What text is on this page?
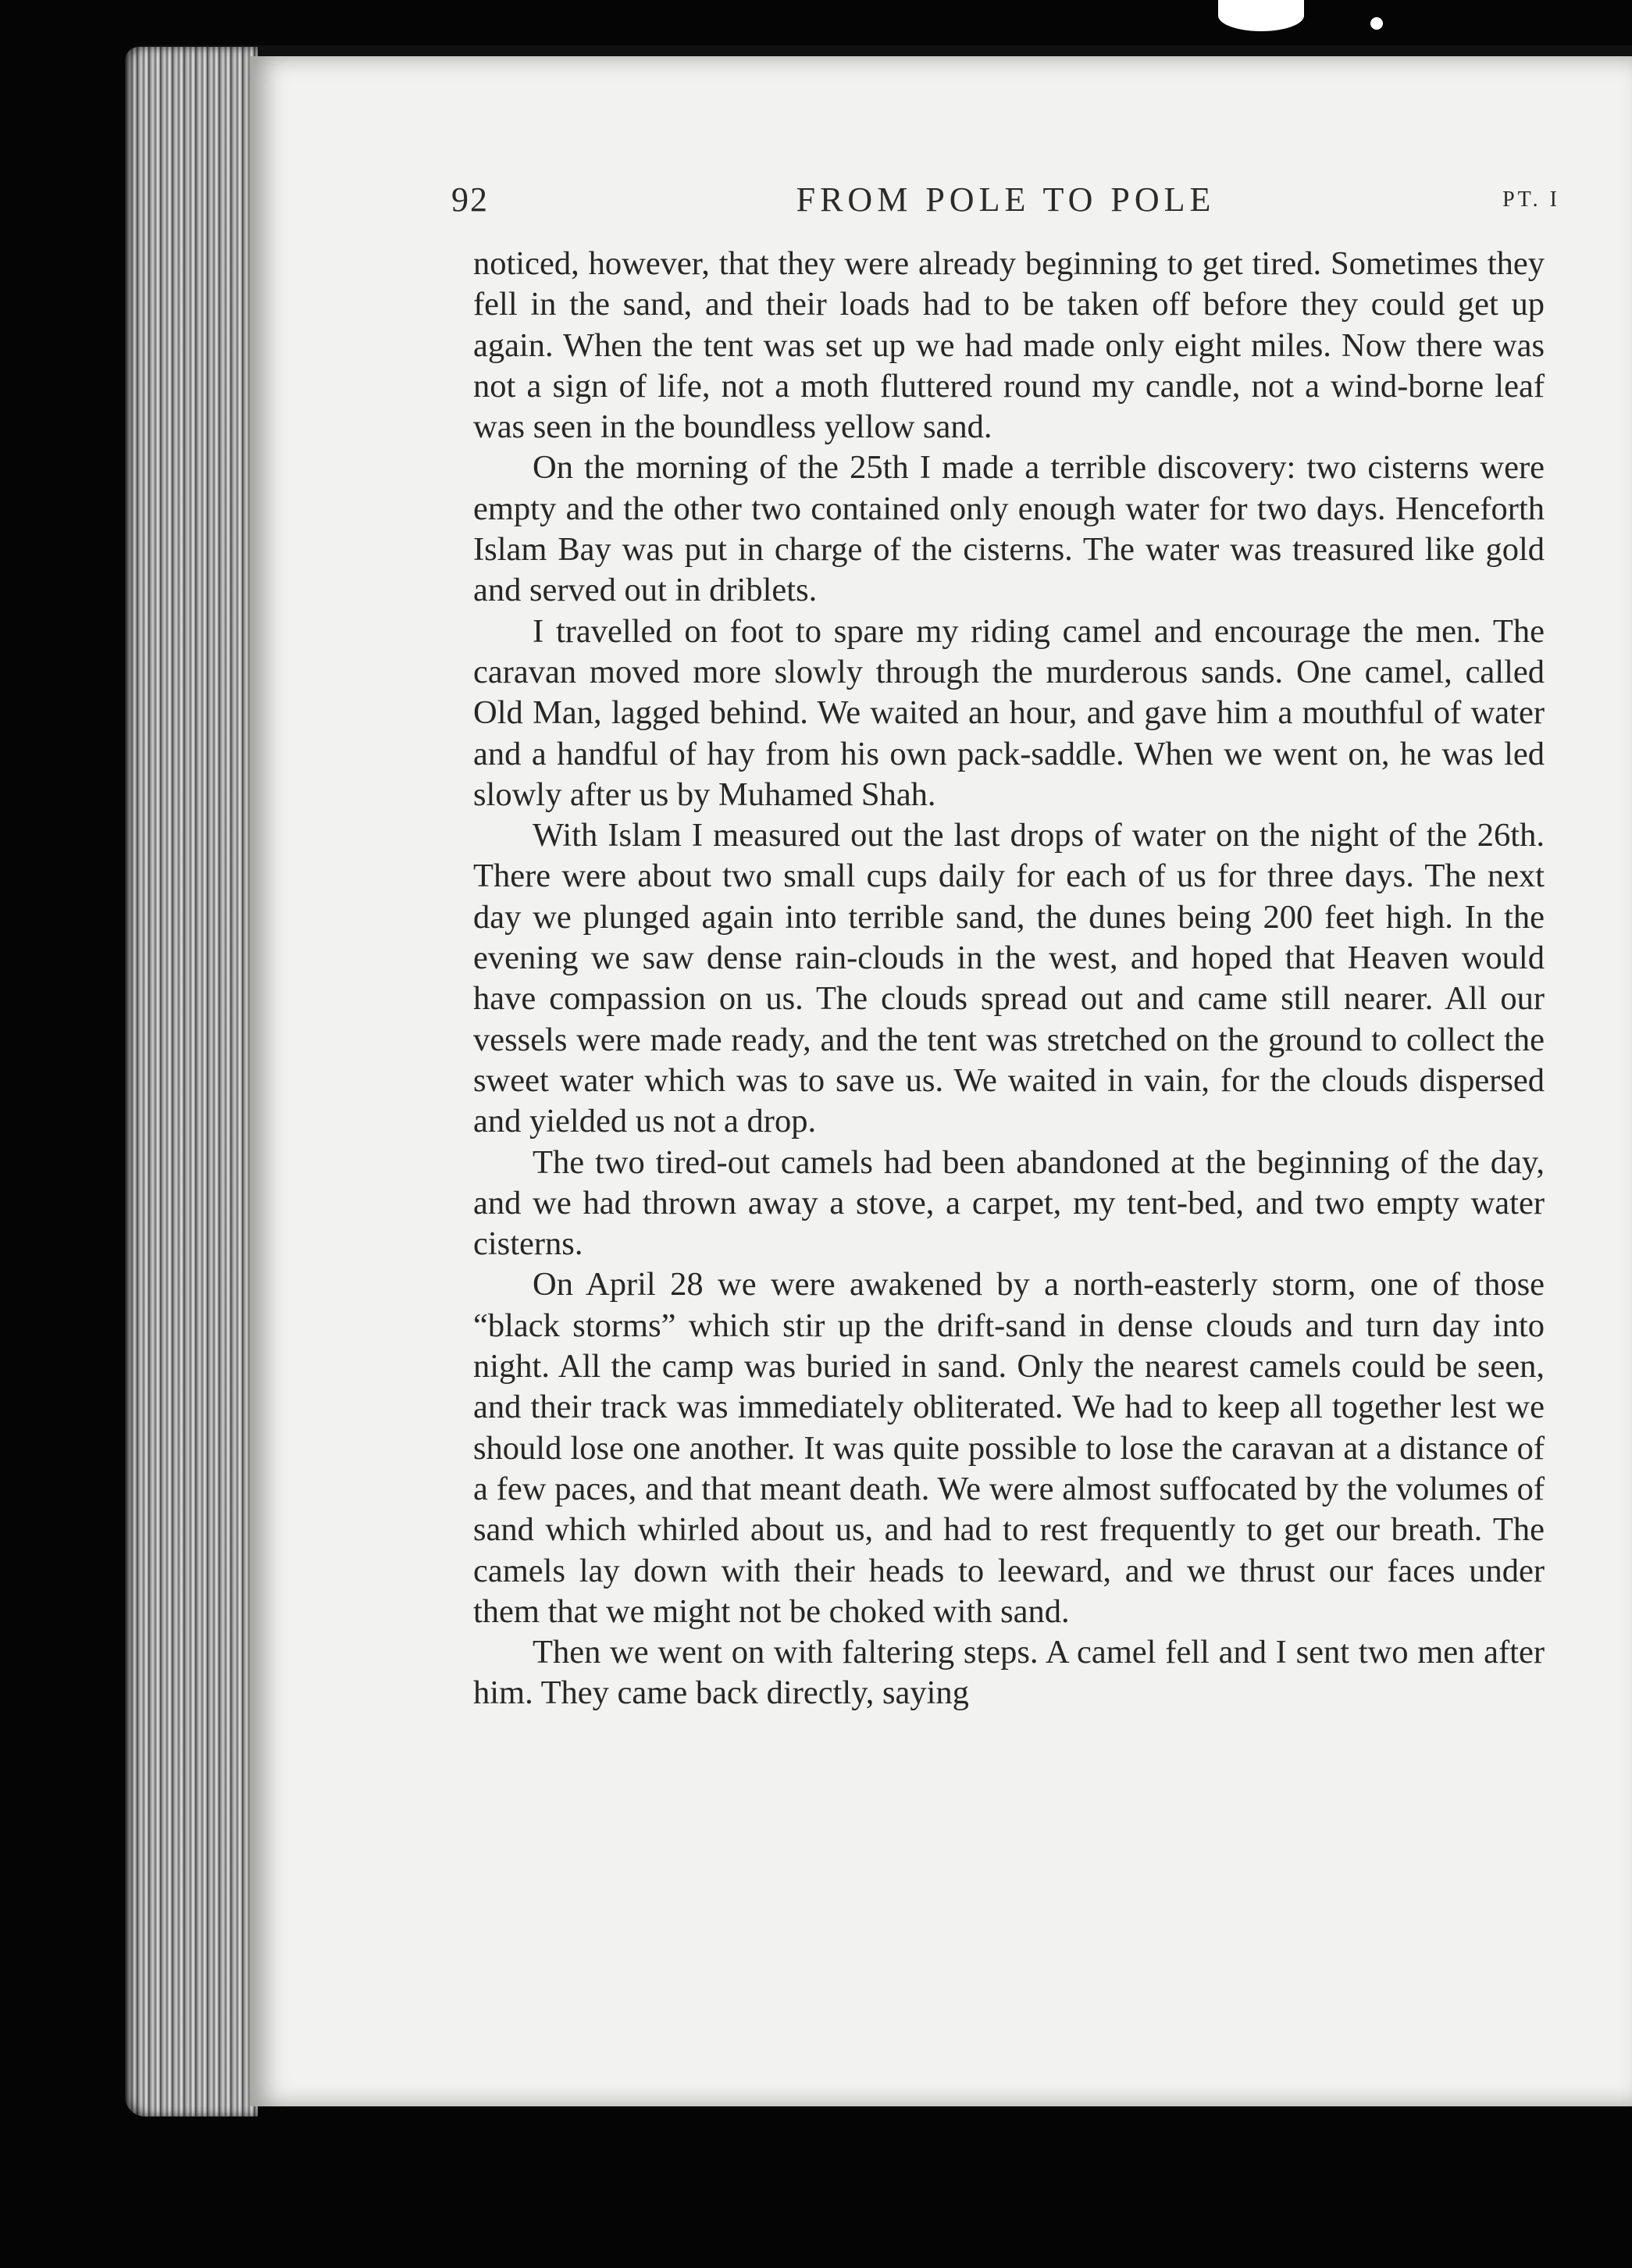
92	FROM POLE TO POLE	PT. I

noticed, however, that they were already beginning to get tired. Sometimes they fell in the sand, and their loads had to be taken off before they could get up again. When the tent was set up we had made only eight miles. Now there was not a sign of life, not a moth fluttered round my candle, not a wind-borne leaf was seen in the boundless yellow sand.

On the morning of the 25th I made a terrible discovery: two cisterns were empty and the other two contained only enough water for two days. Henceforth Islam Bay was put in charge of the cisterns. The water was treasured like gold and served out in driblets.

I travelled on foot to spare my riding camel and encourage the men. The caravan moved more slowly through the murderous sands. One camel, called Old Man, lagged behind. We waited an hour, and gave him a mouthful of water and a handful of hay from his own pack-saddle. When we went on, he was led slowly after us by Muhamed Shah.

With Islam I measured out the last drops of water on the night of the 26th. There were about two small cups daily for each of us for three days. The next day we plunged again into terrible sand, the dunes being 200 feet high. In the evening we saw dense rain-clouds in the west, and hoped that Heaven would have compassion on us. The clouds spread out and came still nearer. All our vessels were made ready, and the tent was stretched on the ground to collect the sweet water which was to save us. We waited in vain, for the clouds dispersed and yielded us not a drop.

The two tired-out camels had been abandoned at the beginning of the day, and we had thrown away a stove, a carpet, my tent-bed, and two empty water cisterns.

On April 28 we were awakened by a north-easterly storm, one of those “black storms” which stir up the drift-sand in dense clouds and turn day into night. All the camp was buried in sand. Only the nearest camels could be seen, and their track was immediately obliterated. We had to keep all together lest we should lose one another. It was quite possible to lose the caravan at a distance of a few paces, and that meant death. We were almost suffocated by the volumes of sand which whirled about us, and had to rest frequently to get our breath. The camels lay down with their heads to leeward, and we thrust our faces under them that we might not be choked with sand.

Then we went on with faltering steps. A camel fell and I sent two men after him. They came back directly, saying
